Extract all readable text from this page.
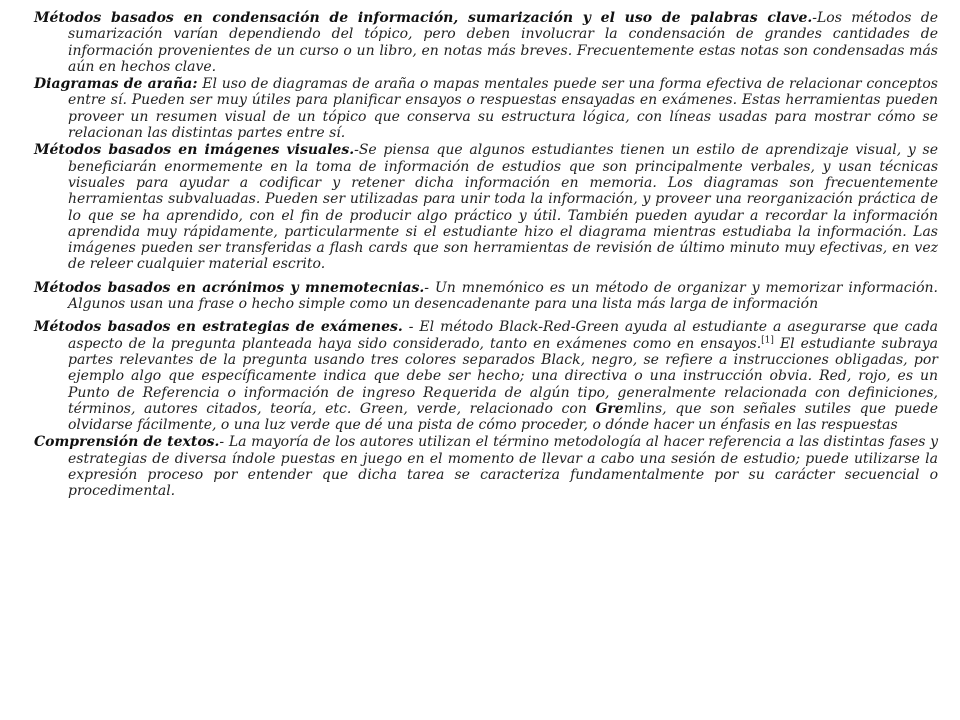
Métodos basados en condensación de información, sumarización y el uso de palabras clave.-Los métodos de sumarización varían dependiendo del tópico, pero deben involucrar la condensación de grandes cantidades de información provenientes de un curso o un libro, en notas más breves. Frecuentemente estas notas son condensadas más aún en hechos clave.

Diagramas de araña: El uso de diagramas de araña o mapas mentales puede ser una forma efectiva de relacionar conceptos entre sí. Pueden ser muy útiles para planificar ensayos o respuestas ensayadas en exámenes. Estas herramientas pueden proveer un resumen visual de un tópico que conserva su estructura lógica, con líneas usadas para mostrar cómo se relacionan las distintas partes entre sí.

Métodos basados en imágenes visuales.-Se piensa que algunos estudiantes tienen un estilo de aprendizaje visual, y se beneficiarán enormemente en la toma de información de estudios que son principalmente verbales, y usan técnicas visuales para ayudar a codificar y retener dicha información en memoria. Los diagramas son frecuentemente herramientas subvaluadas. Pueden ser utilizadas para unir toda la información, y proveer una reorganización práctica de lo que se ha aprendido, con el fin de producir algo práctico y útil. También pueden ayudar a recordar la información aprendida muy rápidamente, particularmente si el estudiante hizo el diagrama mientras estudiaba la información. Las imágenes pueden ser transferidas a flash cards que son herramientas de revisión de último minuto muy efectivas, en vez de releer cualquier material escrito.

Métodos basados en acrónimos y mnemotecnias.- Un mnemónico es un método de organizar y memorizar información. Algunos usan una frase o hecho simple como un desencadenante para una lista más larga de información

Métodos basados en estrategias de exámenes. - El método Black-Red-Green ayuda al estudiante a asegurarse que cada aspecto de la pregunta planteada haya sido considerado, tanto en exámenes como en ensayos.[1] El estudiante subraya partes relevantes de la pregunta usando tres colores separados Black, negro, se refiere a instrucciones obligadas, por ejemplo algo que específicamente indica que debe ser hecho; una directiva o una instrucción obvia. Red, rojo, es un Punto de Referencia o información de ingreso Requerida de algún tipo, generalmente relacionada con definiciones, términos, autores citados, teoría, etc. Green, verde, relacionado con Gremlins, que son señales sutiles que puede olvidarse fácilmente, o una luz verde que dé una pista de cómo proceder, o dónde hacer un énfasis en las respuestas

Comprensión de textos.- La mayoría de los autores utilizan el término metodología al hacer referencia a las distintas fases y estrategias de diversa índole puestas en juego en el momento de llevar a cabo una sesión de estudio; puede utilizarse la expresión proceso por entender que dicha tarea se caracteriza fundamentalmente por su carácter secuencial o procedimental.
